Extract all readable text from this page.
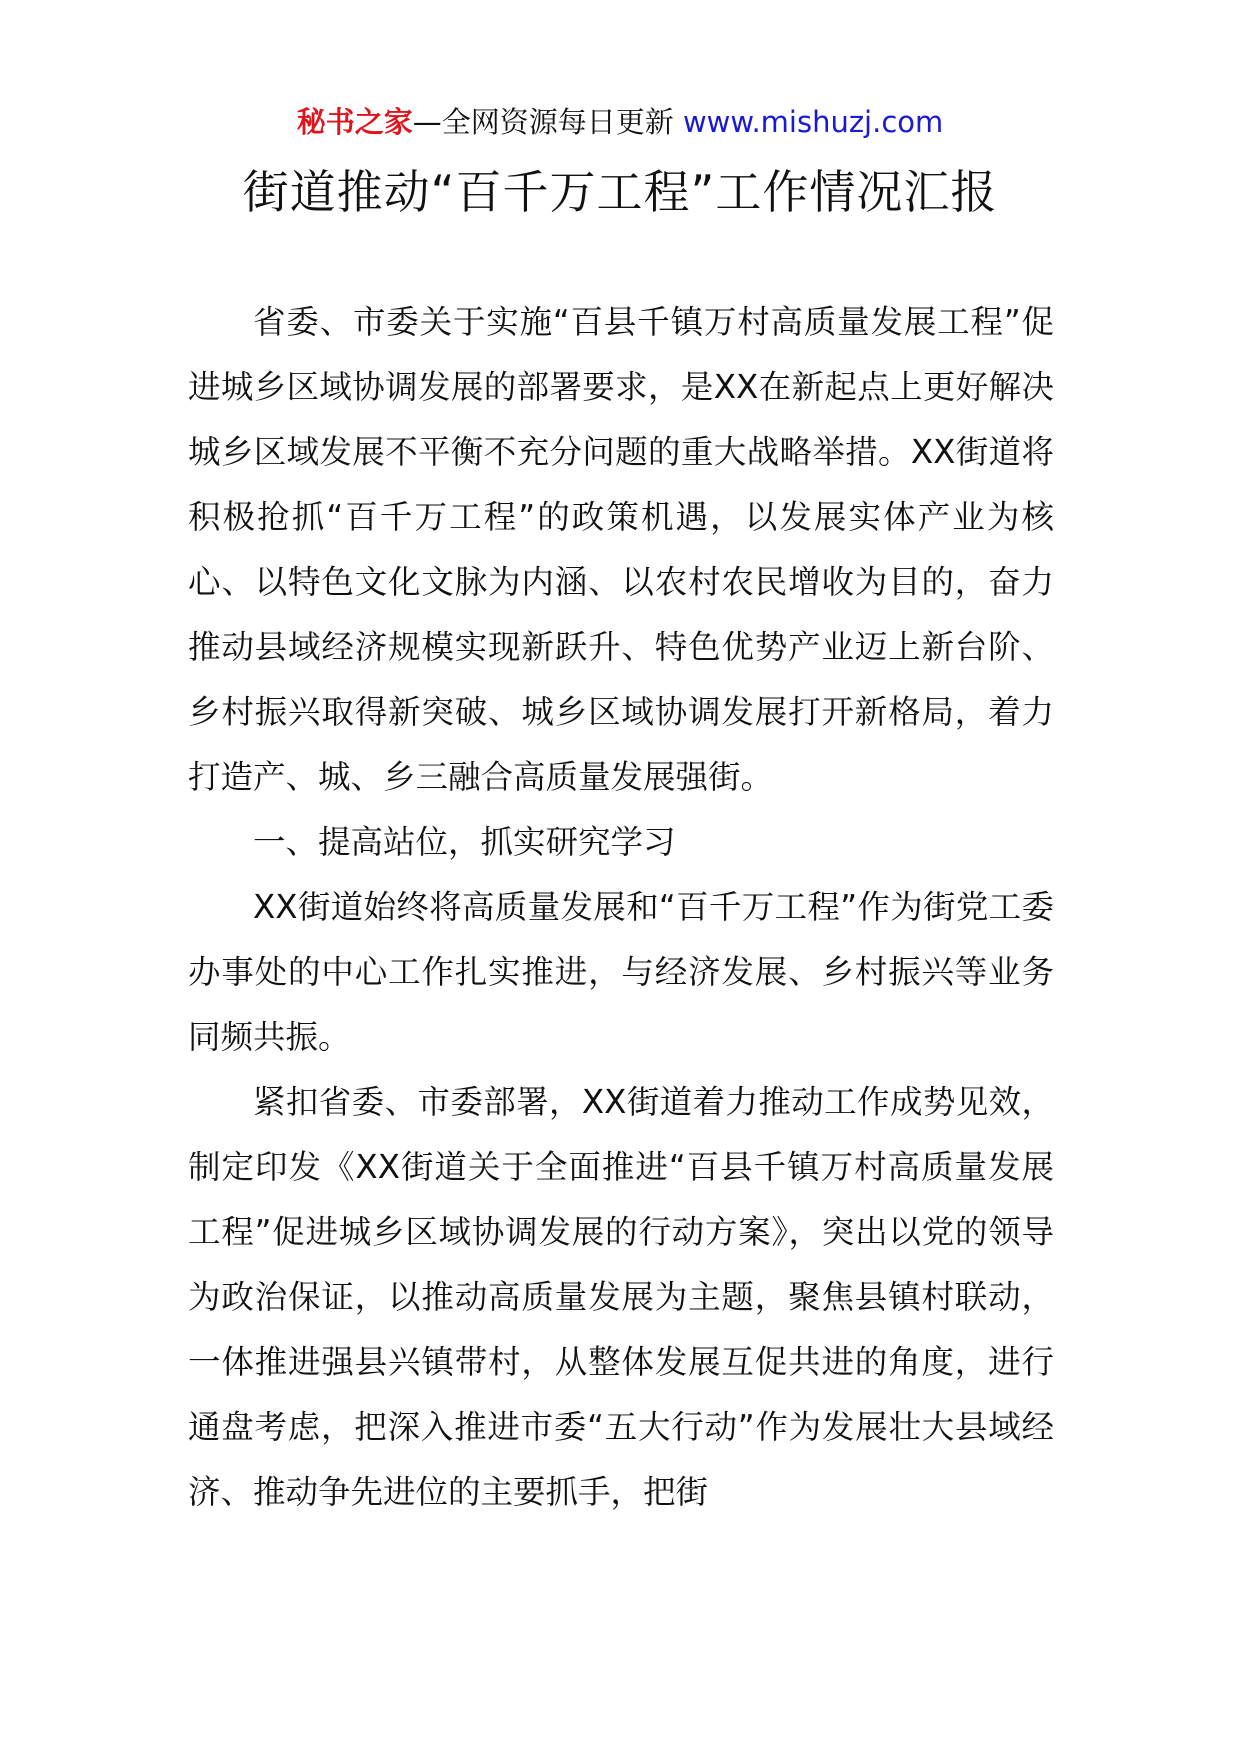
秘书之家—全网资源每日更新 www.mishuzj.com
街道推动“百千万工程”工作情况汇报

省委、市委关于实施“百县千镇万村高质量发展工程”促进城乡区域协调发展的部署要求，是XX在新起点上更好解决城乡区域发展不平衡不充分问题的重大战略举措。XX街道将积极抢抓“百千万工程”的政策机遇，以发展实体产业为核心、以特色文化文脉为内涵、以农村农民增收为目的，奋力推动县域经济规模实现新跃升、特色优势产业迈上新台阶、乡村振兴取得新突破、城乡区域协调发展打开新格局，着力打造产、城、乡三融合高质量发展强街。

一、提高站位，抓实研究学习

XX街道始终将高质量发展和“百千万工程”作为街党工委办事处的中心工作扎实推进，与经济发展、乡村振兴等业务同频共振。

紧扣省委、市委部署，XX街道着力推动工作成势见效，制定印发《XX街道关于全面推进“百县千镇万村高质量发展工程”促进城乡区域协调发展的行动方案》，突出以党的领导为政治保证，以推动高质量发展为主题，聚焦县镇村联动，一体推进强县兴镇带村，从整体发展互促共进的角度，进行通盘考虑，把深入推进市委“五大行动”作为发展壮大县域经济、推动争先进位的主要抓手，把街
